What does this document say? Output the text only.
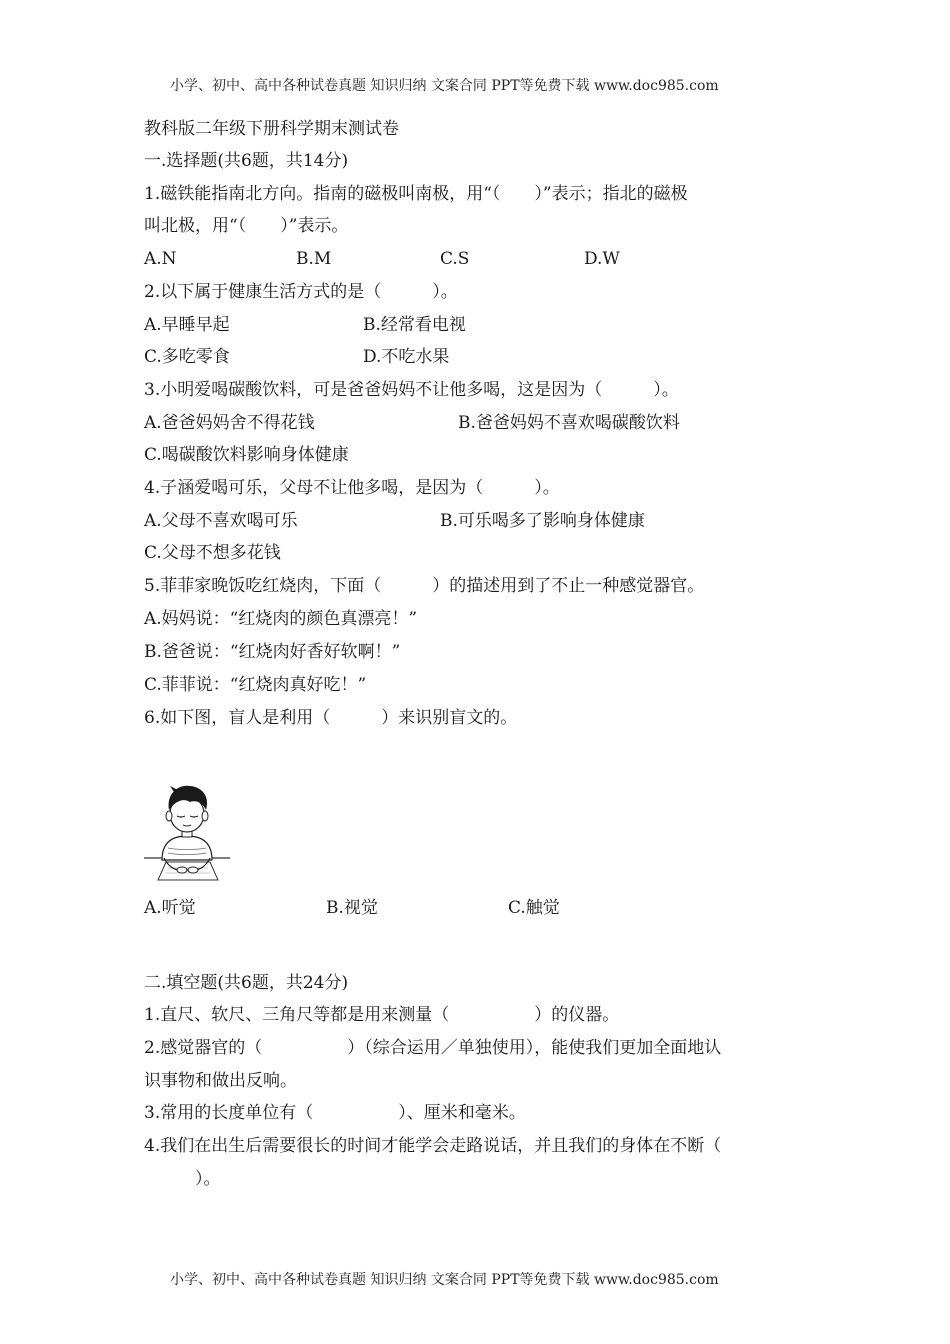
小学、初中、高中各种试卷真题 知识归纳 文案合同 PPT等免费下载 www.doc985.com
教科版二年级下册科学期末测试卷
一.选择题(共6题，共14分)
1.磁铁能指南北方向。指南的磁极叫南极，用“（　　）”表示；指北的磁极
叫北极，用“（　　）”表示。
A.N	B.M	C.S	D.W
2.以下属于健康生活方式的是（　　　）。
A.早睡早起	B.经常看电视
C.多吃零食	D.不吃水果
3.小明爱喝碳酸饮料，可是爸爸妈妈不让他多喝，这是因为（　　　）。
A.爸爸妈妈舍不得花钱	B.爸爸妈妈不喜欢喝碳酸饮料
C.喝碳酸饮料影响身体健康
4.子涵爱喝可乐，父母不让他多喝，是因为（　　　）。
A.父母不喜欢喝可乐	B.可乐喝多了影响身体健康
C.父母不想多花钱
5.菲菲家晚饭吃红烧肉，下面（　　　）的描述用到了不止一种感觉器官。
A.妈妈说：“红烧肉的颜色真漂亮！”
B.爸爸说：“红烧肉好香好软啊！”
C.菲菲说：“红烧肉真好吃！”
6.如下图，盲人是利用（　　　）来识别盲文的。
A.听觉	B.视觉	C.触觉
二.填空题(共6题，共24分)
1.直尺、软尺、三角尺等都是用来测量（　　　　　）的仪器。
2.感觉器官的（　　　　　）（综合运用／单独使用），能使我们更加全面地认
识事物和做出反响。
3.常用的长度单位有（　　　　　）、厘米和毫米。
4.我们在出生后需要很长的时间才能学会走路说话，并且我们的身体在不断（
　　　）。
小学、初中、高中各种试卷真题 知识归纳 文案合同 PPT等免费下载 www.doc985.com
